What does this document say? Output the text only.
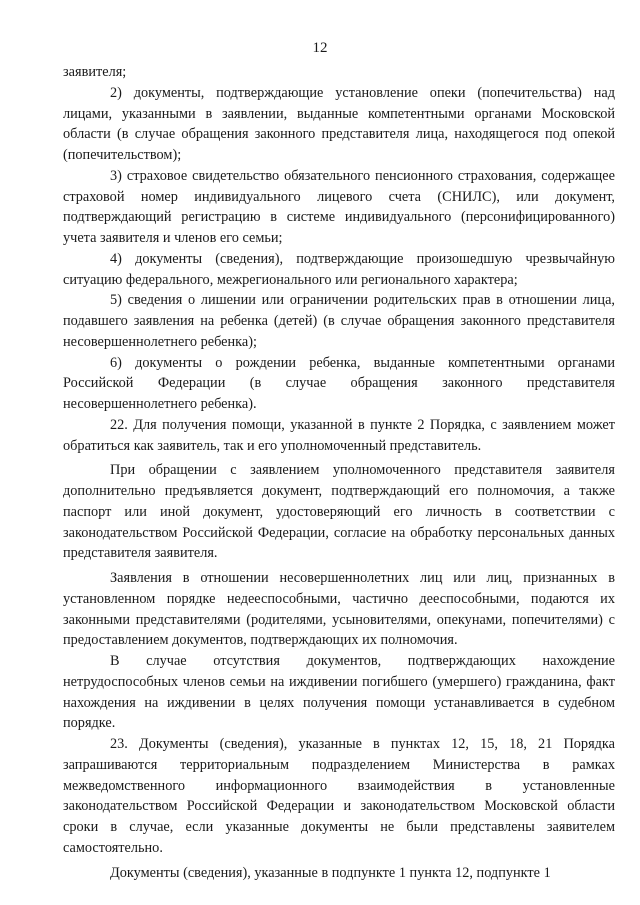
12

заявителя;

2) документы, подтверждающие установление опеки (попечительства) над лицами, указанными в заявлении, выданные компетентными органами Московской области (в случае обращения законного представителя лица, находящегося под опекой (попечительством);

3) страховое свидетельство обязательного пенсионного страхования, содержащее страховой номер индивидуального лицевого счета (СНИЛС), или документ, подтверждающий регистрацию в системе индивидуального (персонифицированного) учета заявителя и членов его семьи;

4) документы (сведения), подтверждающие произошедшую чрезвычайную ситуацию федерального, межрегионального или регионального характера;

5) сведения о лишении или ограничении родительских прав в отношении лица, подавшего заявления на ребенка (детей) (в случае обращения законного представителя несовершеннолетнего ребенка);

6) документы о рождении ребенка, выданные компетентными органами Российской Федерации (в случае обращения законного представителя несовершеннолетнего ребенка).

22. Для получения помощи, указанной в пункте 2 Порядка, с заявлением может обратиться как заявитель, так и его уполномоченный представитель.

При обращении с заявлением уполномоченного представителя заявителя дополнительно предъявляется документ, подтверждающий его полномочия, а также паспорт или иной документ, удостоверяющий его личность в соответствии с законодательством Российской Федерации, согласие на обработку персональных данных представителя заявителя.

Заявления в отношении несовершеннолетних лиц или лиц, признанных в установленном порядке недееспособными, частично дееспособными, подаются их законными представителями (родителями, усыновителями, опекунами, попечителями) с предоставлением документов, подтверждающих их полномочия.

В случае отсутствия документов, подтверждающих нахождение нетрудоспособных членов семьи на иждивении погибшего (умершего) гражданина, факт нахождения на иждивении в целях получения помощи устанавливается в судебном порядке.

23. Документы (сведения), указанные в пунктах 12, 15, 18, 21 Порядка запрашиваются территориальным подразделением Министерства в рамках межведомственного информационного взаимодействия в установленные законодательством Российской Федерации и законодательством Московской области сроки в случае, если указанные документы не были представлены заявителем самостоятельно.

Документы (сведения), указанные в подпункте 1 пункта 12, подпункте 1
